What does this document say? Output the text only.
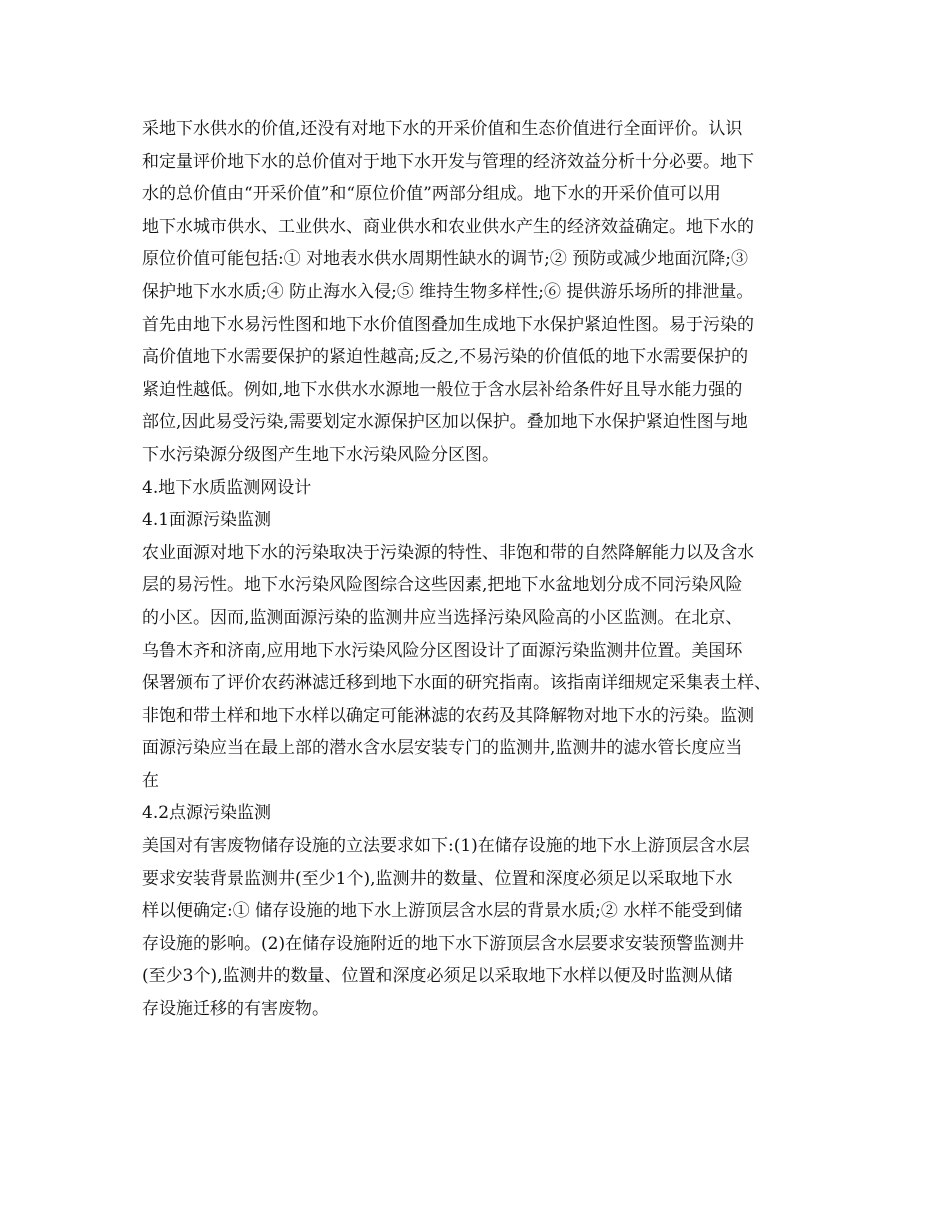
采地下水供水的价值,还没有对地下水的开采价值和生态价值进行全面评价。认识
和定量评价地下水的总价值对于地下水开发与管理的经济效益分析十分必要。地下
水的总价值由“开采价值”和“原位价值”两部分组成。地下水的开采价值可以用
地下水城市供水、工业供水、商业供水和农业供水产生的经济效益确定。地下水的
原位价值可能包括:① 对地表水供水周期性缺水的调节;② 预防或减少地面沉降;③
保护地下水水质;④ 防止海水入侵;⑤ 维持生物多样性;⑥ 提供游乐场所的排泄量。
首先由地下水易污性图和地下水价值图叠加生成地下水保护紧迫性图。易于污染的
高价值地下水需要保护的紧迫性越高;反之,不易污染的价值低的地下水需要保护的
紧迫性越低。例如,地下水供水水源地一般位于含水层补给条件好且导水能力强的
部位,因此易受污染,需要划定水源保护区加以保护。叠加地下水保护紧迫性图与地
下水污染源分级图产生地下水污染风险分区图。
4.地下水质监测网设计
4.1面源污染监测
农业面源对地下水的污染取决于污染源的特性、非饱和带的自然降解能力以及含水
层的易污性。地下水污染风险图综合这些因素,把地下水盆地划分成不同污染风险
的小区。因而,监测面源污染的监测井应当选择污染风险高的小区监测。在北京、
乌鲁木齐和济南,应用地下水污染风险分区图设计了面源污染监测井位置。美国环
保署颁布了评价农药淋滤迁移到地下水面的研究指南。该指南详细规定采集表土样、
非饱和带土样和地下水样以确定可能淋滤的农药及其降解物对地下水的污染。监测
面源污染应当在最上部的潜水含水层安装专门的监测井,监测井的滤水管长度应当
在
4.2点源污染监测
美国对有害废物储存设施的立法要求如下:(1)在储存设施的地下水上游顶层含水层
要求安装背景监测井(至少1个),监测井的数量、位置和深度必须足以采取地下水
样以便确定:① 储存设施的地下水上游顶层含水层的背景水质;② 水样不能受到储
存设施的影响。(2)在储存设施附近的地下水下游顶层含水层要求安装预警监测井
(至少3个),监测井的数量、位置和深度必须足以采取地下水样以便及时监测从储
存设施迁移的有害废物。
